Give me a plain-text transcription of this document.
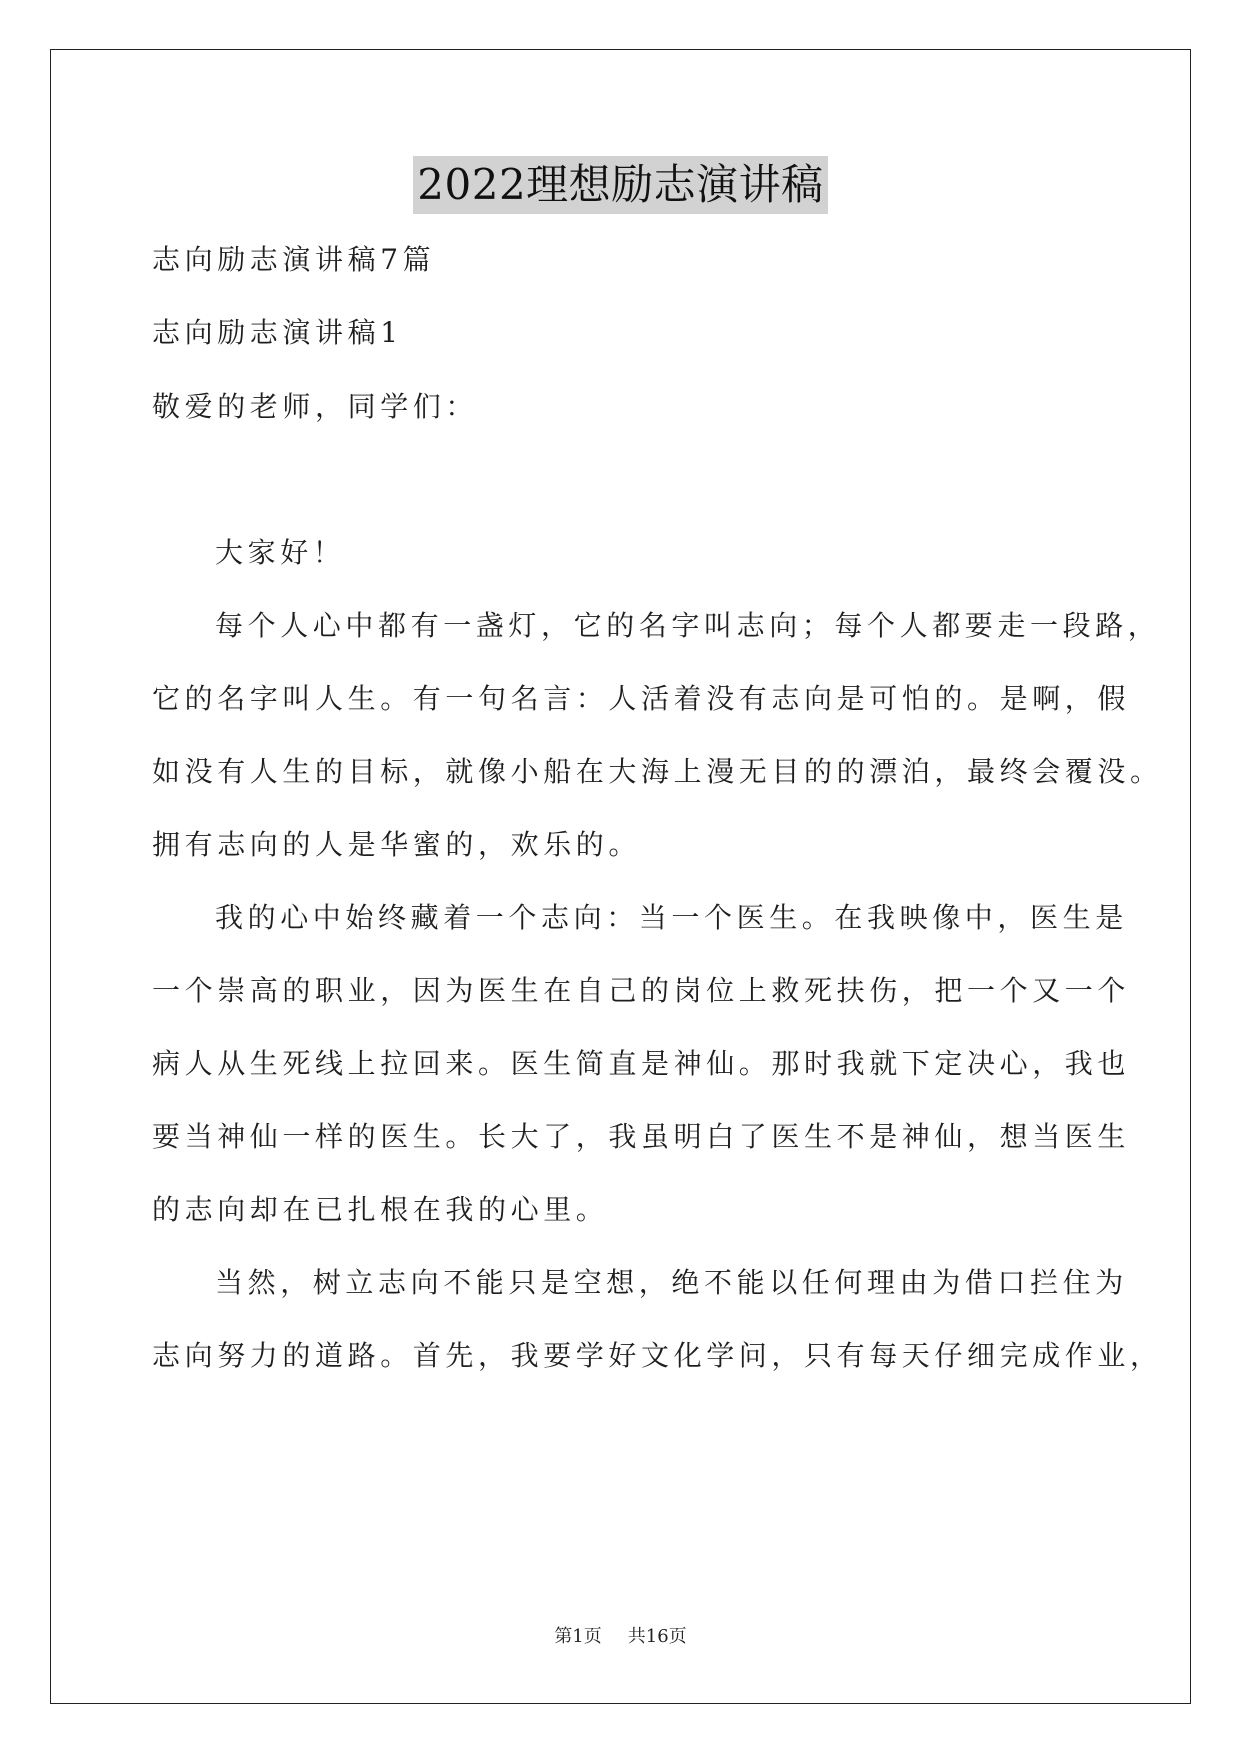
2022理想励志演讲稿
志向励志演讲稿7篇
志向励志演讲稿1
敬爱的老师，同学们：
大家好！
每个人心中都有一盏灯，它的名字叫志向；每个人都要走一段路，
它的名字叫人生。有一句名言：人活着没有志向是可怕的。是啊，假
如没有人生的目标，就像小船在大海上漫无目的的漂泊，最终会覆没。
拥有志向的人是华蜜的，欢乐的。
我的心中始终藏着一个志向：当一个医生。在我映像中，医生是
一个崇高的职业，因为医生在自己的岗位上救死扶伤，把一个又一个
病人从生死线上拉回来。医生简直是神仙。那时我就下定决心，我也
要当神仙一样的医生。长大了，我虽明白了医生不是神仙，想当医生
的志向却在已扎根在我的心里。
当然，树立志向不能只是空想，绝不能以任何理由为借口拦住为
志向努力的道路。首先，我要学好文化学问，只有每天仔细完成作业，
第1页 共16页
